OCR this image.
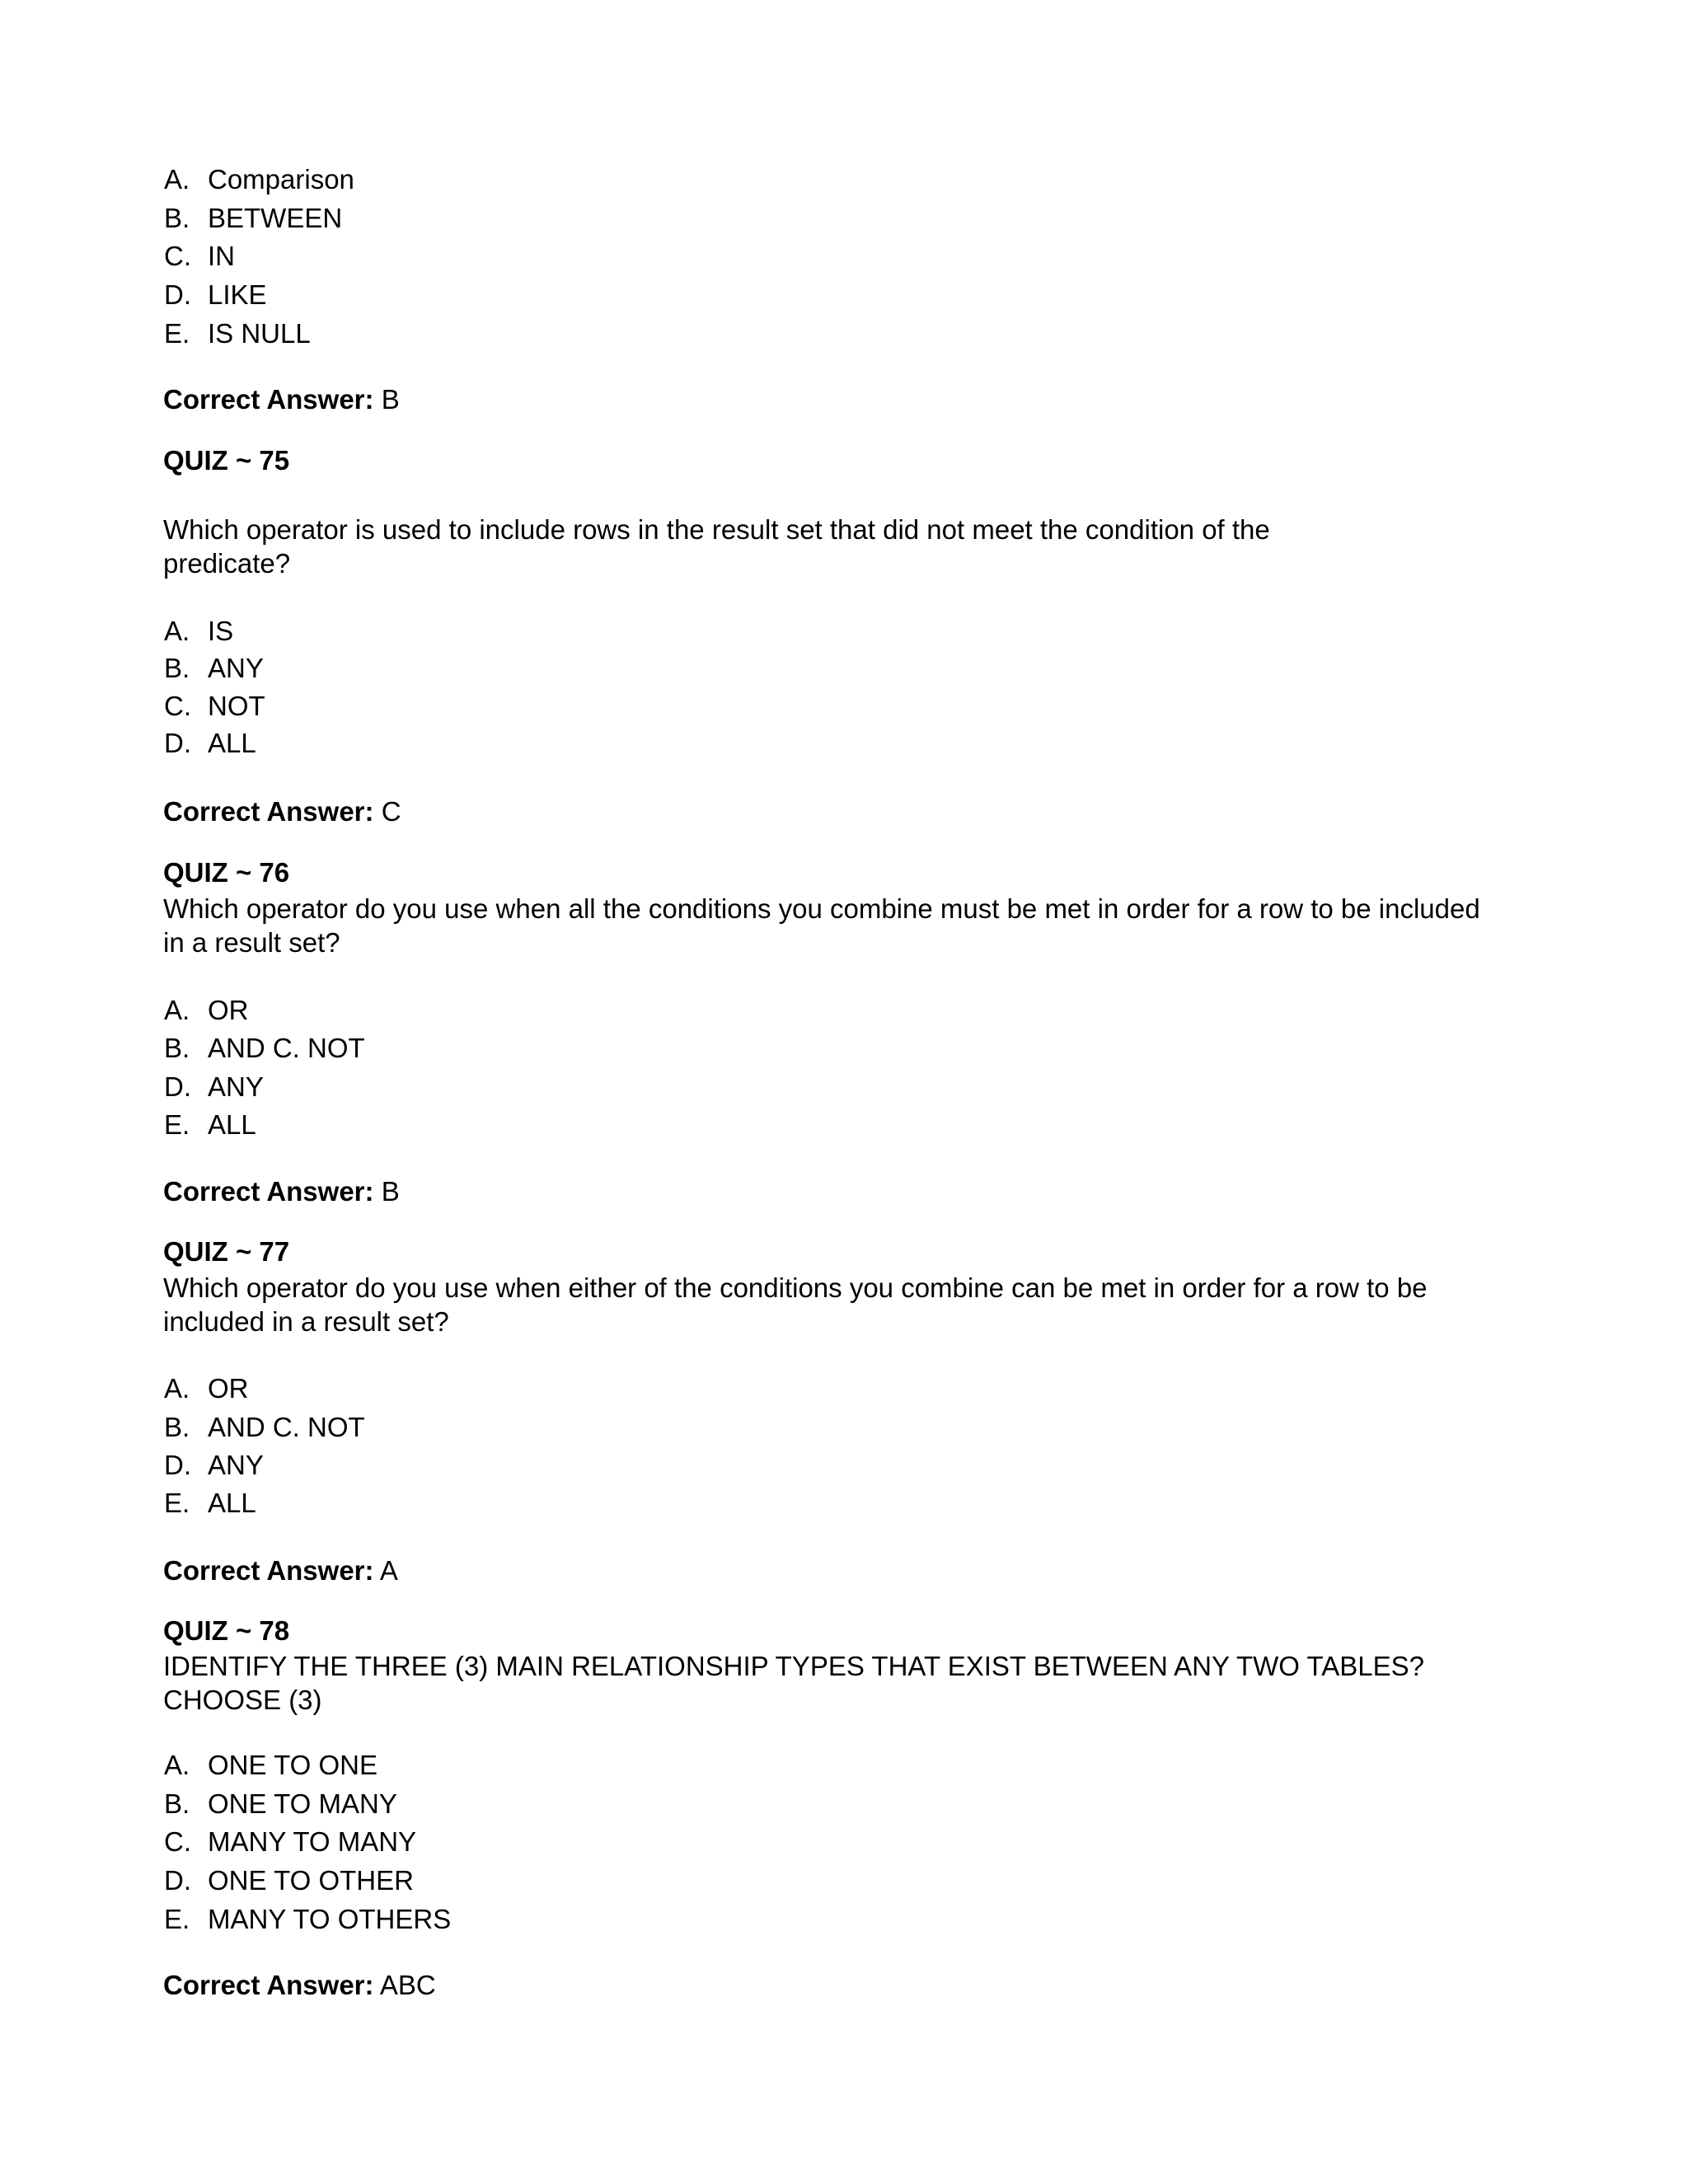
A. Comparison
B. BETWEEN
C. IN
D. LIKE
E. IS NULL
Correct Answer: B
QUIZ ~ 75
Which operator is used to include rows in the result set that did not meet the condition of the
predicate?
A. IS
B. ANY
C. NOT
D. ALL
Correct Answer: C
QUIZ ~ 76
Which operator do you use when all the conditions you combine must be met in order for a row to be included
in a result set?
A. OR
B. AND C. NOT
D. ANY
E. ALL
Correct Answer: B
QUIZ ~ 77
Which operator do you use when either of the conditions you combine can be met in order for a row to be
included in a result set?
A. OR
B. AND C. NOT
D. ANY
E. ALL
Correct Answer: A
QUIZ ~ 78
IDENTIFY THE THREE (3) MAIN RELATIONSHIP TYPES THAT EXIST BETWEEN ANY TWO TABLES?
CHOOSE (3)
A. ONE TO ONE
B. ONE TO MANY
C. MANY TO MANY
D. ONE TO OTHER
E. MANY TO OTHERS
Correct Answer: ABC
